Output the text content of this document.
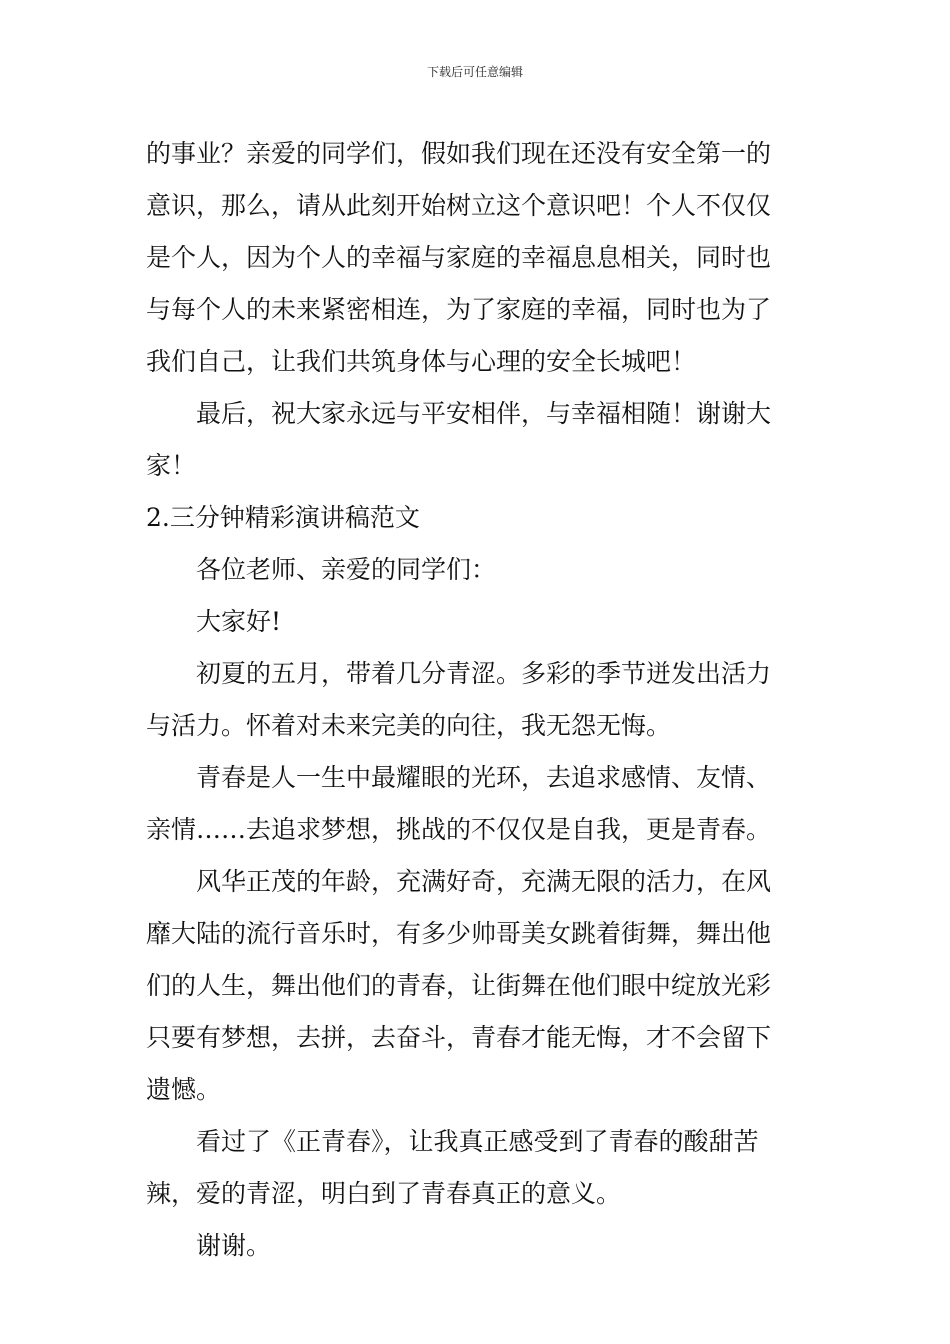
下载后可任意编辑
的事业？亲爱的同学们，假如我们现在还没有安全第一的
意识，那么，请从此刻开始树立这个意识吧！个人不仅仅
是个人，因为个人的幸福与家庭的幸福息息相关，同时也
与每个人的未来紧密相连，为了家庭的幸福，同时也为了
我们自己，让我们共筑身体与心理的安全长城吧！
最后，祝大家永远与平安相伴，与幸福相随！谢谢大
家！
2.三分钟精彩演讲稿范文
各位老师、亲爱的同学们：
大家好!
初夏的五月，带着几分青涩。多彩的季节迸发出活力
与活力。怀着对未来完美的向往，我无怨无悔。
青春是人一生中最耀眼的光环，去追求感情、友情、
亲情……去追求梦想，挑战的不仅仅是自我，更是青春。
风华正茂的年龄，充满好奇，充满无限的活力，在风
靡大陆的流行音乐时，有多少帅哥美女跳着街舞，舞出他
们的人生，舞出他们的青春，让街舞在他们眼中绽放光彩
只要有梦想，去拼，去奋斗，青春才能无悔，才不会留下
遗憾。
看过了《正青春》，让我真正感受到了青春的酸甜苦
辣，爱的青涩，明白到了青春真正的意义。
谢谢。
